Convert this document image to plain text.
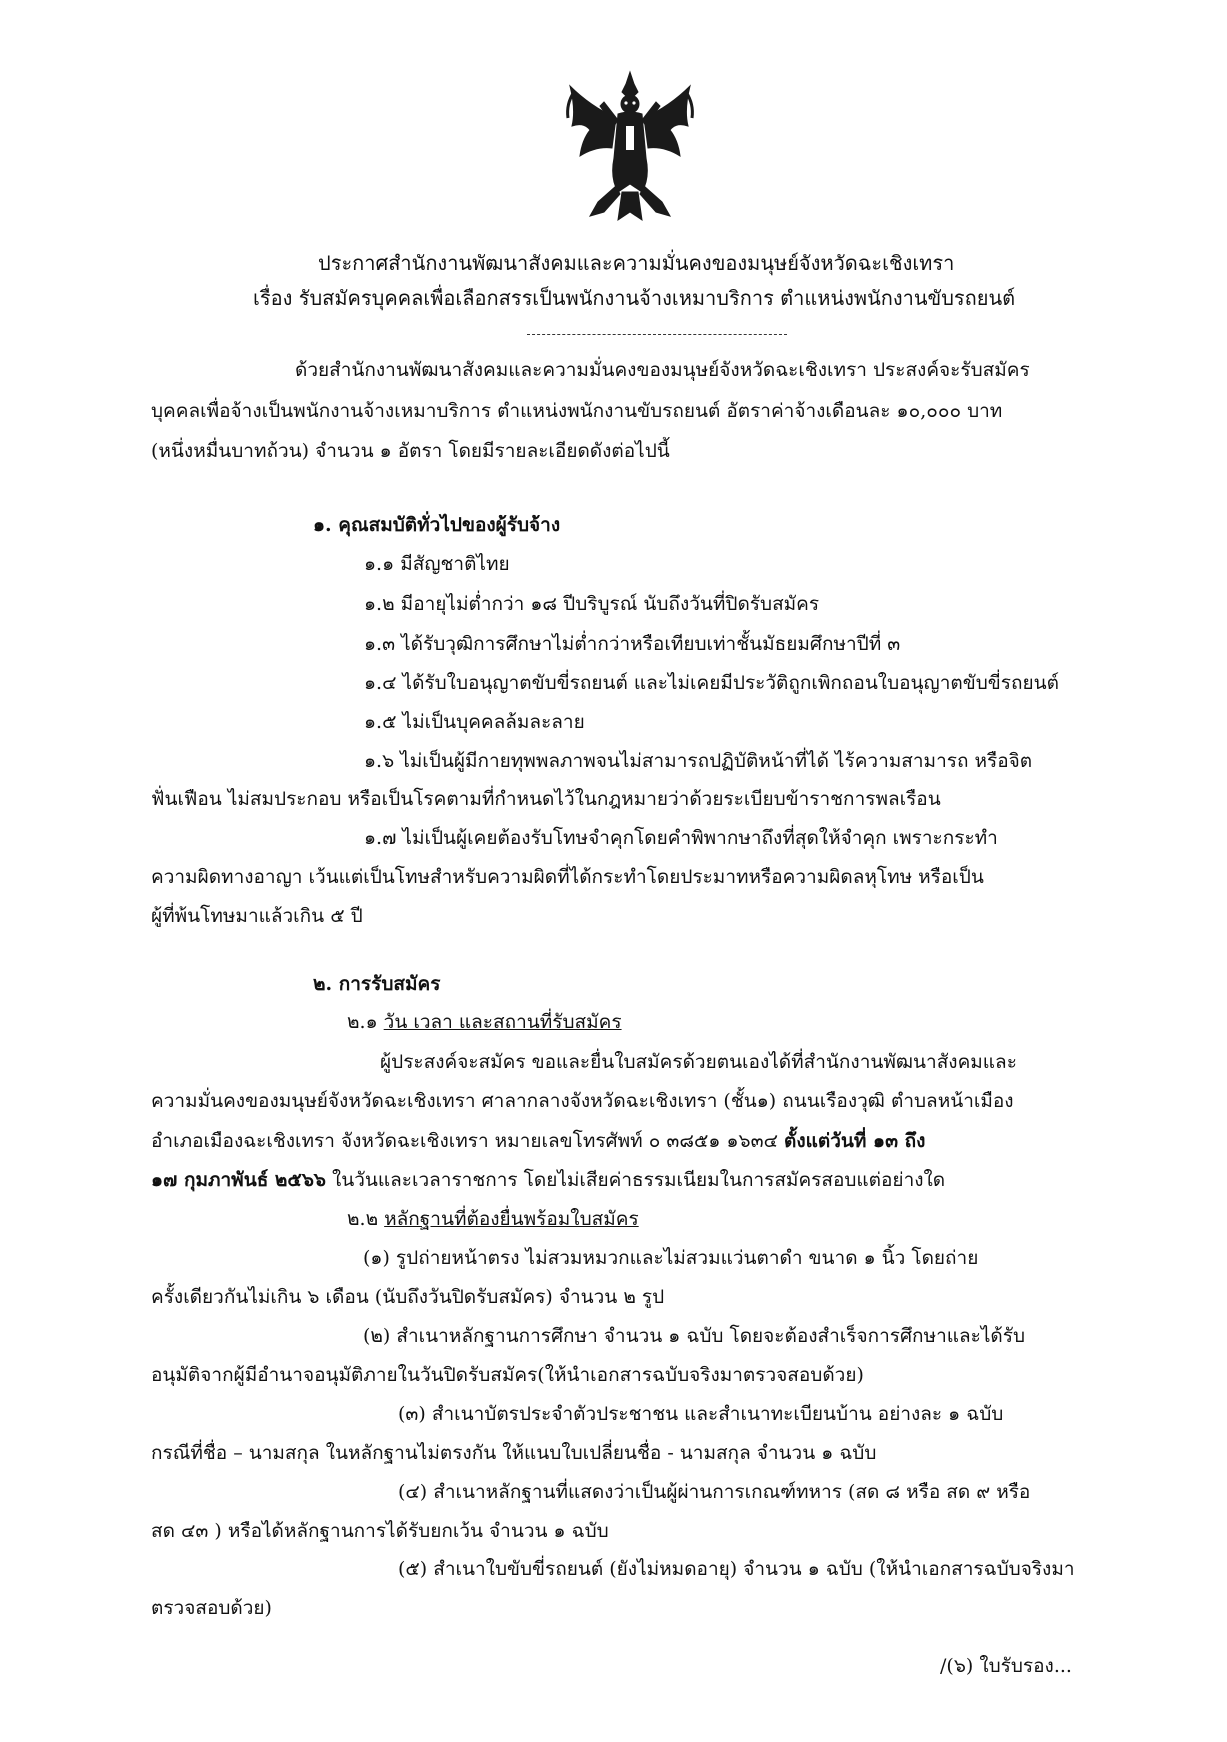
ประกาศสำนักงานพัฒนาสังคมและความมั่นคงของมนุษย์จังหวัดฉะเชิงเทรา
เรื่อง รับสมัครบุคคลเพื่อเลือกสรรเป็นพนักงานจ้างเหมาบริการ ตำแหน่งพนักงานขับรถยนต์
ด้วยสำนักงานพัฒนาสังคมและความมั่นคงของมนุษย์จังหวัดฉะเชิงเทรา ประสงค์จะรับสมัคร
บุคคลเพื่อจ้างเป็นพนักงานจ้างเหมาบริการ ตำแหน่งพนักงานขับรถยนต์ อัตราค่าจ้างเดือนละ ๑๐,๐๐๐ บาท
(หนึ่งหมื่นบาทถ้วน) จำนวน ๑ อัตรา โดยมีรายละเอียดดังต่อไปนี้
๑. คุณสมบัติทั่วไปของผู้รับจ้าง
๑.๑ มีสัญชาติไทย
๑.๒ มีอายุไม่ต่ำกว่า ๑๘ ปีบริบูรณ์ นับถึงวันที่ปิดรับสมัคร
๑.๓ ได้รับวุฒิการศึกษาไม่ต่ำกว่าหรือเทียบเท่าชั้นมัธยมศึกษาปีที่ ๓
๑.๔ ได้รับใบอนุญาตขับขี่รถยนต์ และไม่เคยมีประวัติถูกเพิกถอนใบอนุญาตขับขี่รถยนต์
๑.๕ ไม่เป็นบุคคลล้มละลาย
๑.๖ ไม่เป็นผู้มีกายทุพพลภาพจนไม่สามารถปฏิบัติหน้าที่ได้ ไร้ความสามารถ หรือจิต
ฟั่นเฟือน ไม่สมประกอบ หรือเป็นโรคตามที่กำหนดไว้ในกฎหมายว่าด้วยระเบียบข้าราชการพลเรือน
๑.๗ ไม่เป็นผู้เคยต้องรับโทษจำคุกโดยคำพิพากษาถึงที่สุดให้จำคุก เพราะกระทำ
ความผิดทางอาญา เว้นแต่เป็นโทษสำหรับความผิดที่ได้กระทำโดยประมาทหรือความผิดลหุโทษ หรือเป็น
ผู้ที่พ้นโทษมาแล้วเกิน ๕ ปี
๒. การรับสมัคร
๒.๑ วัน เวลา และสถานที่รับสมัคร
ผู้ประสงค์จะสมัคร ขอและยื่นใบสมัครด้วยตนเองได้ที่สำนักงานพัฒนาสังคมและ
ความมั่นคงของมนุษย์จังหวัดฉะเชิงเทรา ศาลากลางจังหวัดฉะเชิงเทรา (ชั้น๑) ถนนเรืองวุฒิ ตำบลหน้าเมือง
อำเภอเมืองฉะเชิงเทรา จังหวัดฉะเชิงเทรา หมายเลขโทรศัพท์ ๐ ๓๘๕๑ ๑๖๓๔ ตั้งแต่วันที่ ๑๓ ถึง
๑๗ กุมภาพันธ์ ๒๕๖๖ ในวันและเวลาราชการ โดยไม่เสียค่าธรรมเนียมในการสมัครสอบแต่อย่างใด
๒.๒ หลักฐานที่ต้องยื่นพร้อมใบสมัคร
(๑) รูปถ่ายหน้าตรง ไม่สวมหมวกและไม่สวมแว่นตาดำ ขนาด ๑ นิ้ว โดยถ่าย
ครั้งเดียวกันไม่เกิน ๖ เดือน (นับถึงวันปิดรับสมัคร) จำนวน ๒ รูป
(๒) สำเนาหลักฐานการศึกษา จำนวน ๑ ฉบับ โดยจะต้องสำเร็จการศึกษาและได้รับ
อนุมัติจากผู้มีอำนาจอนุมัติภายในวันปิดรับสมัคร(ให้นำเอกสารฉบับจริงมาตรวจสอบด้วย)
(๓) สำเนาบัตรประจำตัวประชาชน และสำเนาทะเบียนบ้าน อย่างละ ๑ ฉบับ
กรณีที่ชื่อ – นามสกุล ในหลักฐานไม่ตรงกัน ให้แนบใบเปลี่ยนชื่อ - นามสกุล จำนวน ๑ ฉบับ
(๔) สำเนาหลักฐานที่แสดงว่าเป็นผู้ผ่านการเกณฑ์ทหาร (สด ๘ หรือ สด ๙ หรือ
สด ๔๓ ) หรือได้หลักฐานการได้รับยกเว้น จำนวน ๑ ฉบับ
(๕) สำเนาใบขับขี่รถยนต์ (ยังไม่หมดอายุ) จำนวน ๑ ฉบับ (ให้นำเอกสารฉบับจริงมา
ตรวจสอบด้วย)
/(๖) ใบรับรอง...
